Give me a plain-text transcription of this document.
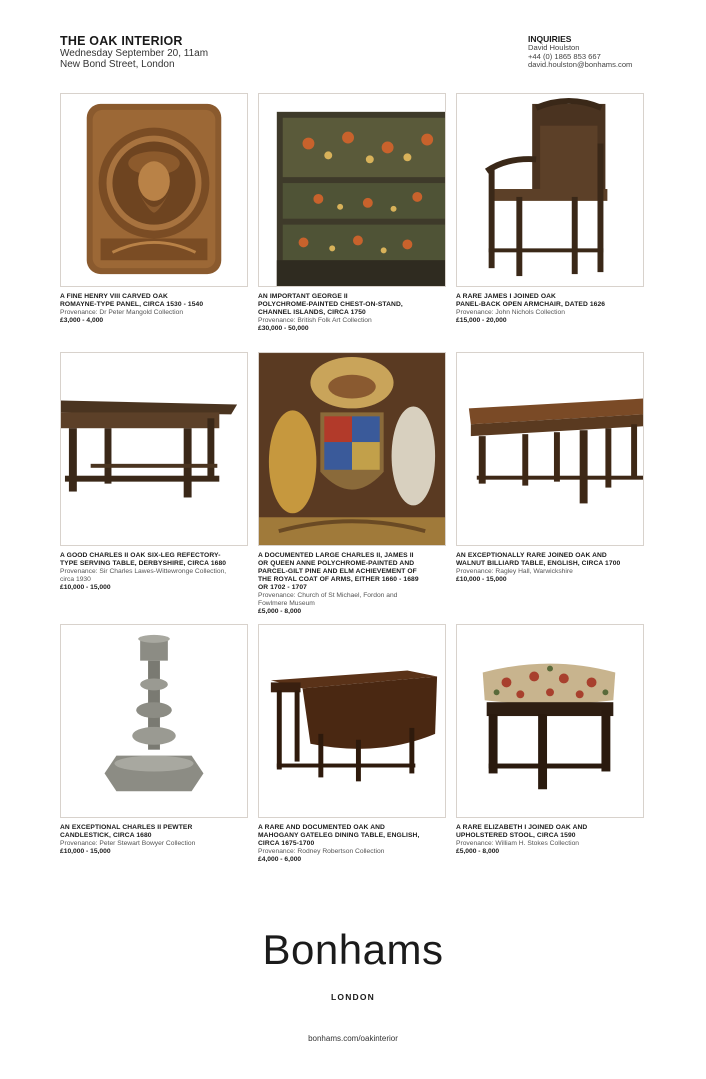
THE OAK INTERIOR
Wednesday September 20, 11am
New Bond Street, London
INQUIRIES
David Houlston
+44 (0) 1865 853 667
david.houlston@bonhams.com
A FINE HENRY VIII CARVED OAK
ROMAYNE-TYPE PANEL, CIRCA 1530 - 1540
Provenance: Dr Peter Mangold Collection
£3,000 - 4,000
AN IMPORTANT GEORGE II
POLYCHROME-PAINTED CHEST-ON-STAND,
CHANNEL ISLANDS, CIRCA 1750
Provenance: British Folk Art Collection
£30,000 - 50,000
A RARE JAMES I JOINED OAK
PANEL-BACK OPEN ARMCHAIR, DATED 1626
Provenance: John Nichols Collection
£15,000 - 20,000
A GOOD CHARLES II OAK SIX-LEG REFECTORY-
TYPE SERVING TABLE, DERBYSHIRE, CIRCA 1680
Provenance: Sir Charles Lawes-Wittewronge Collection,
circa 1930
£10,000 - 15,000
A DOCUMENTED LARGE CHARLES II, JAMES II
OR QUEEN ANNE POLYCHROME-PAINTED AND
PARCEL-GILT PINE AND ELM ACHIEVEMENT OF
THE ROYAL COAT OF ARMS, EITHER 1660 - 1689
OR 1702 - 1707
Provenance: Church of St Michael, Fordon and
Fowlmere Museum
£5,000 - 8,000
AN EXCEPTIONALLY RARE JOINED OAK AND
WALNUT BILLIARD TABLE, ENGLISH, CIRCA 1700
Provenance: Ragley Hall, Warwickshire
£10,000 - 15,000
AN EXCEPTIONAL CHARLES II PEWTER
CANDLESTICK, CIRCA 1680
Provenance: Peter Stewart Bowyer Collection
£10,000 - 15,000
A RARE AND DOCUMENTED OAK AND
MAHOGANY GATELEG DINING TABLE, ENGLISH,
CIRCA 1675-1700
Provenance: Rodney Robertson Collection
£4,000 - 6,000
A RARE ELIZABETH I JOINED OAK AND
UPHOLSTERED STOOL, CIRCA 1590
Provenance: William H. Stokes Collection
£5,000 - 8,000
Bonhams
LONDON
bonhams.com/oakinterior
